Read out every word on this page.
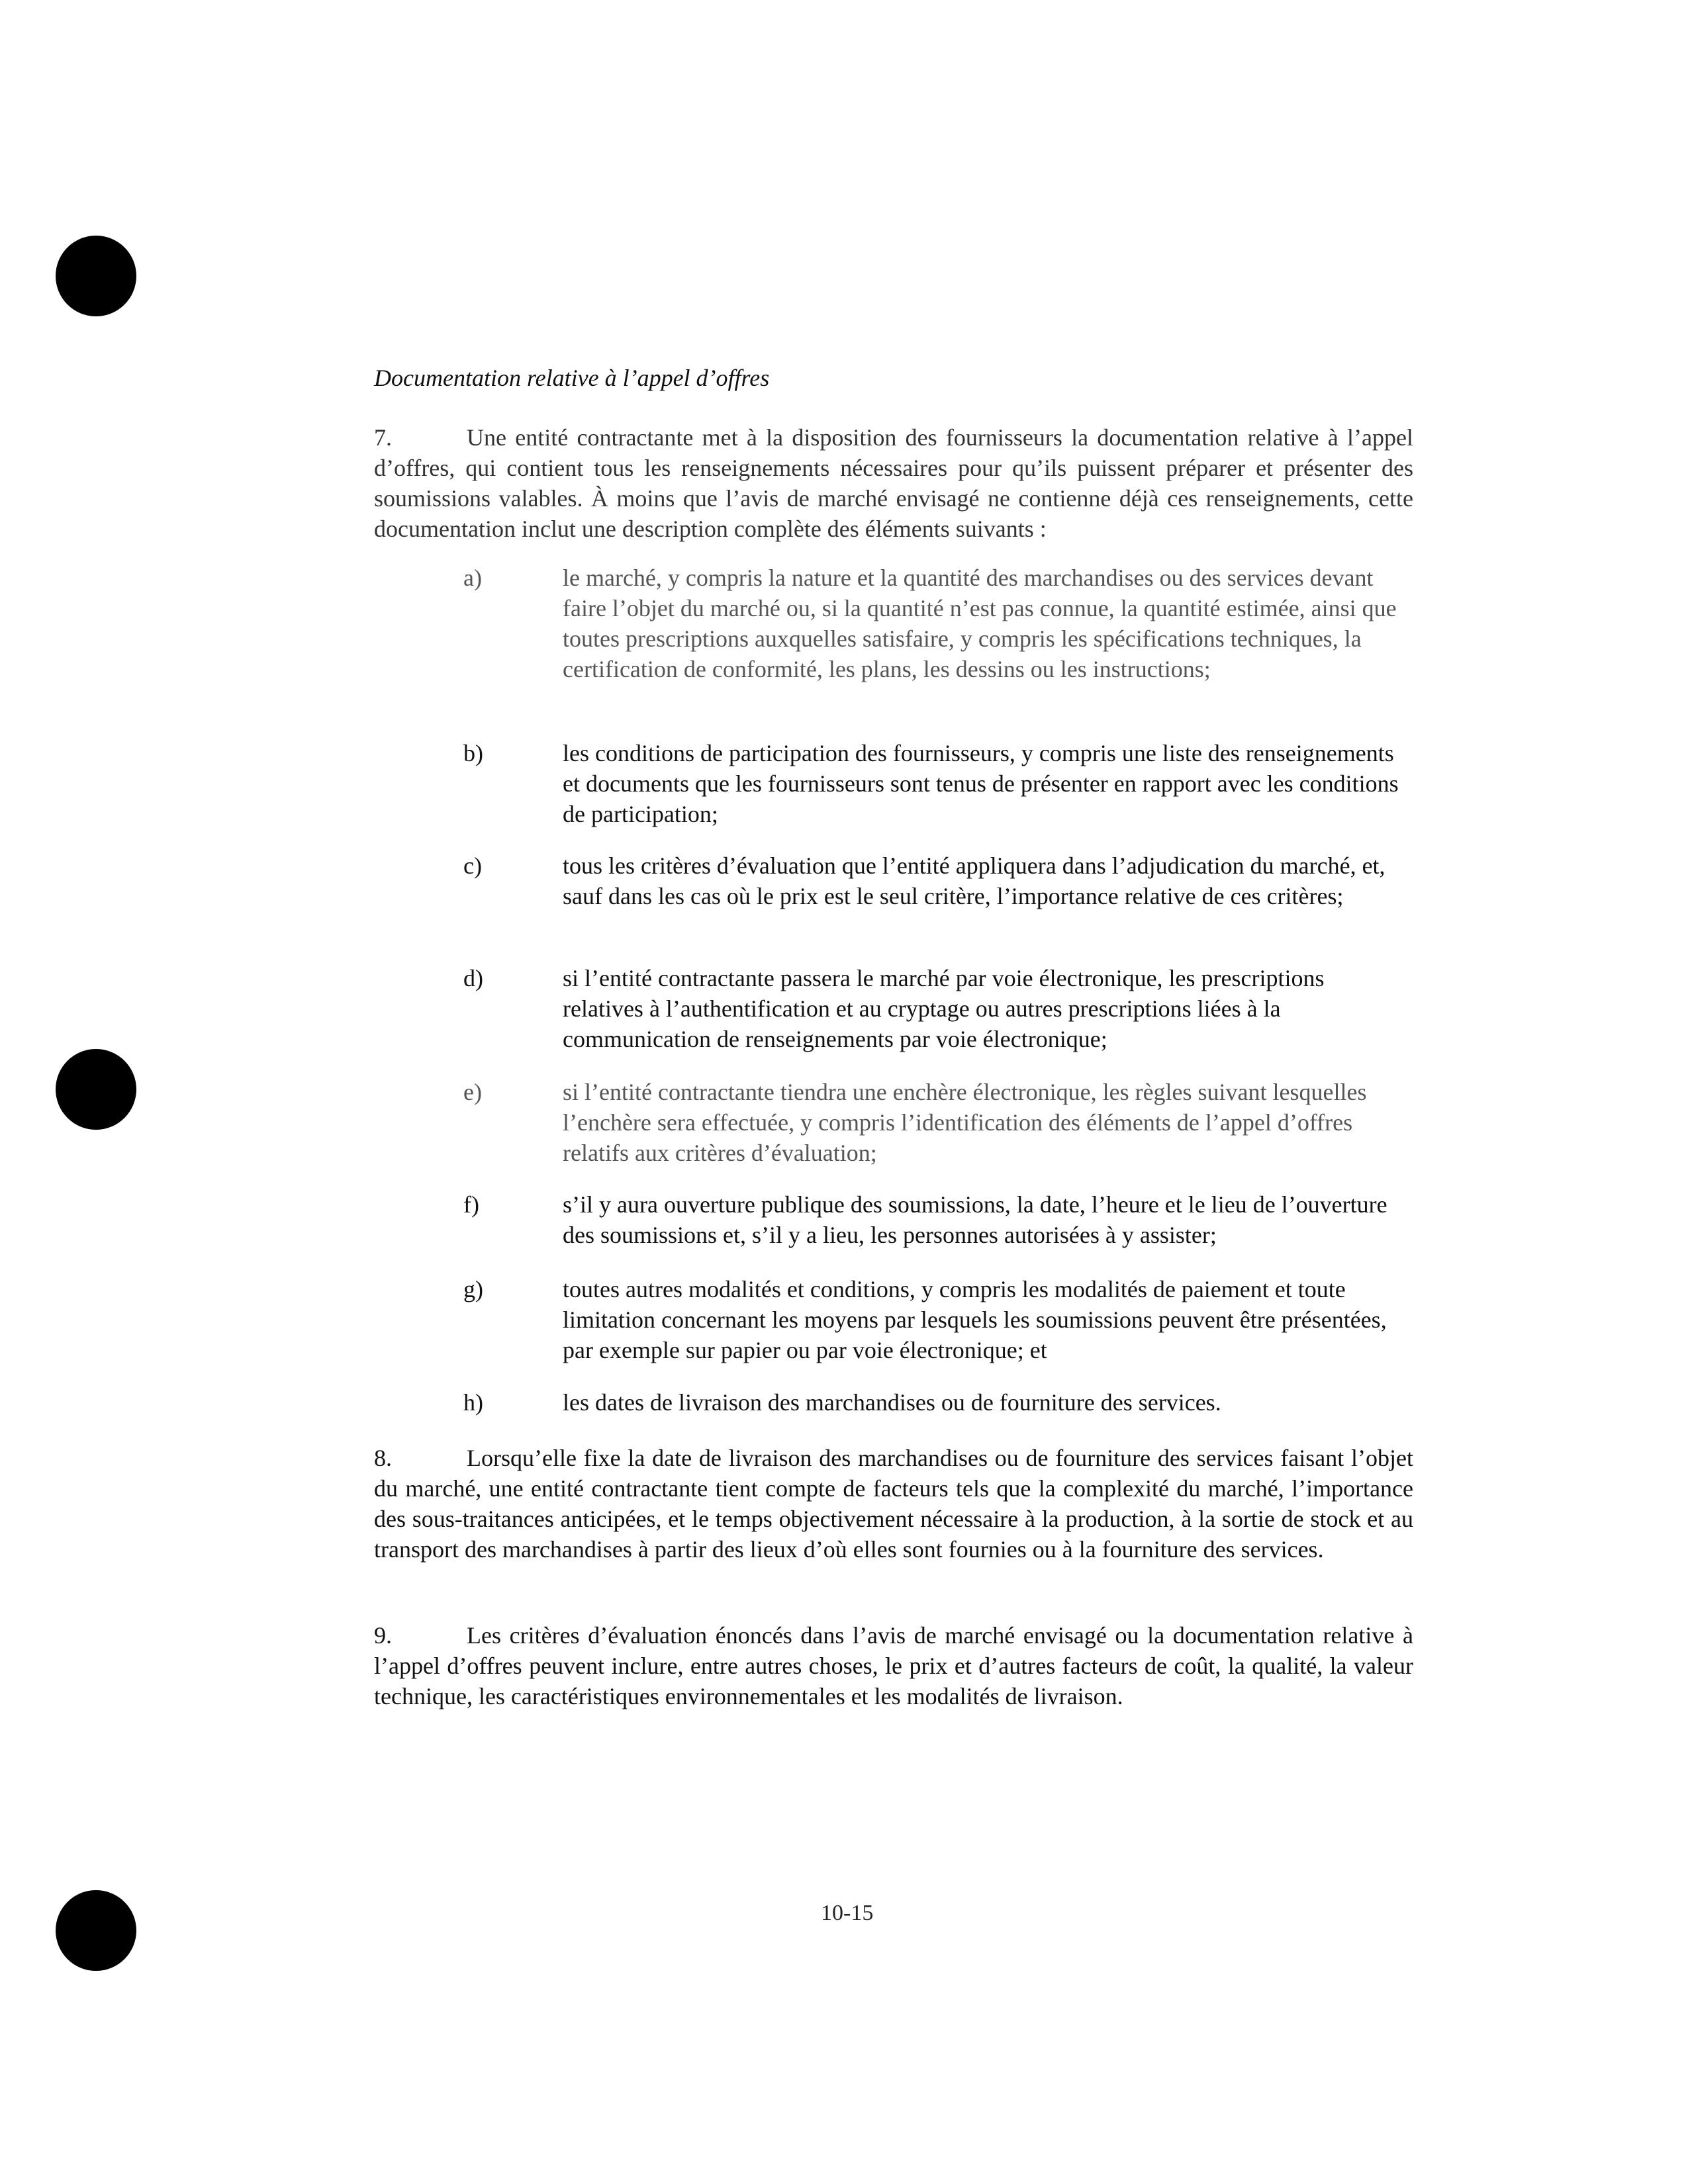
Documentation relative à l’appel d’offres
7.	Une entité contractante met à la disposition des fournisseurs la documentation relative à l’appel d’offres, qui contient tous les renseignements nécessaires pour qu’ils puissent préparer et présenter des soumissions valables. À moins que l’avis de marché envisagé ne contienne déjà ces renseignements, cette documentation inclut une description complète des éléments suivants :
a)	le marché, y compris la nature et la quantité des marchandises ou des services devant faire l’objet du marché ou, si la quantité n’est pas connue, la quantité estimée, ainsi que toutes prescriptions auxquelles satisfaire, y compris les spécifications techniques, la certification de conformité, les plans, les dessins ou les instructions;
b)	les conditions de participation des fournisseurs, y compris une liste des renseignements et documents que les fournisseurs sont tenus de présenter en rapport avec les conditions de participation;
c)	tous les critères d’évaluation que l’entité appliquera dans l’adjudication du marché, et, sauf dans les cas où le prix est le seul critère, l’importance relative de ces critères;
d)	si l’entité contractante passera le marché par voie électronique, les prescriptions relatives à l’authentification et au cryptage ou autres prescriptions liées à la communication de renseignements par voie électronique;
e)	si l’entité contractante tiendra une enchère électronique, les règles suivant lesquelles l’enchère sera effectuée, y compris l’identification des éléments de l’appel d’offres relatifs aux critères d’évaluation;
f)	s’il y aura ouverture publique des soumissions, la date, l’heure et le lieu de l’ouverture des soumissions et, s’il y a lieu, les personnes autorisées à y assister;
g)	toutes autres modalités et conditions, y compris les modalités de paiement et toute limitation concernant les moyens par lesquels les soumissions peuvent être présentées, par exemple sur papier ou par voie électronique; et
h)	les dates de livraison des marchandises ou de fourniture des services.
8.	Lorsqu’elle fixe la date de livraison des marchandises ou de fourniture des services faisant l’objet du marché, une entité contractante tient compte de facteurs tels que la complexité du marché, l’importance des sous-traitances anticipées, et le temps objectivement nécessaire à la production, à la sortie de stock et au transport des marchandises à partir des lieux d’où elles sont fournies ou à la fourniture des services.
9.	Les critères d’évaluation énoncés dans l’avis de marché envisagé ou la documentation relative à l’appel d’offres peuvent inclure, entre autres choses, le prix et d’autres facteurs de coût, la qualité, la valeur technique, les caractéristiques environnementales et les modalités de livraison.
10-15
